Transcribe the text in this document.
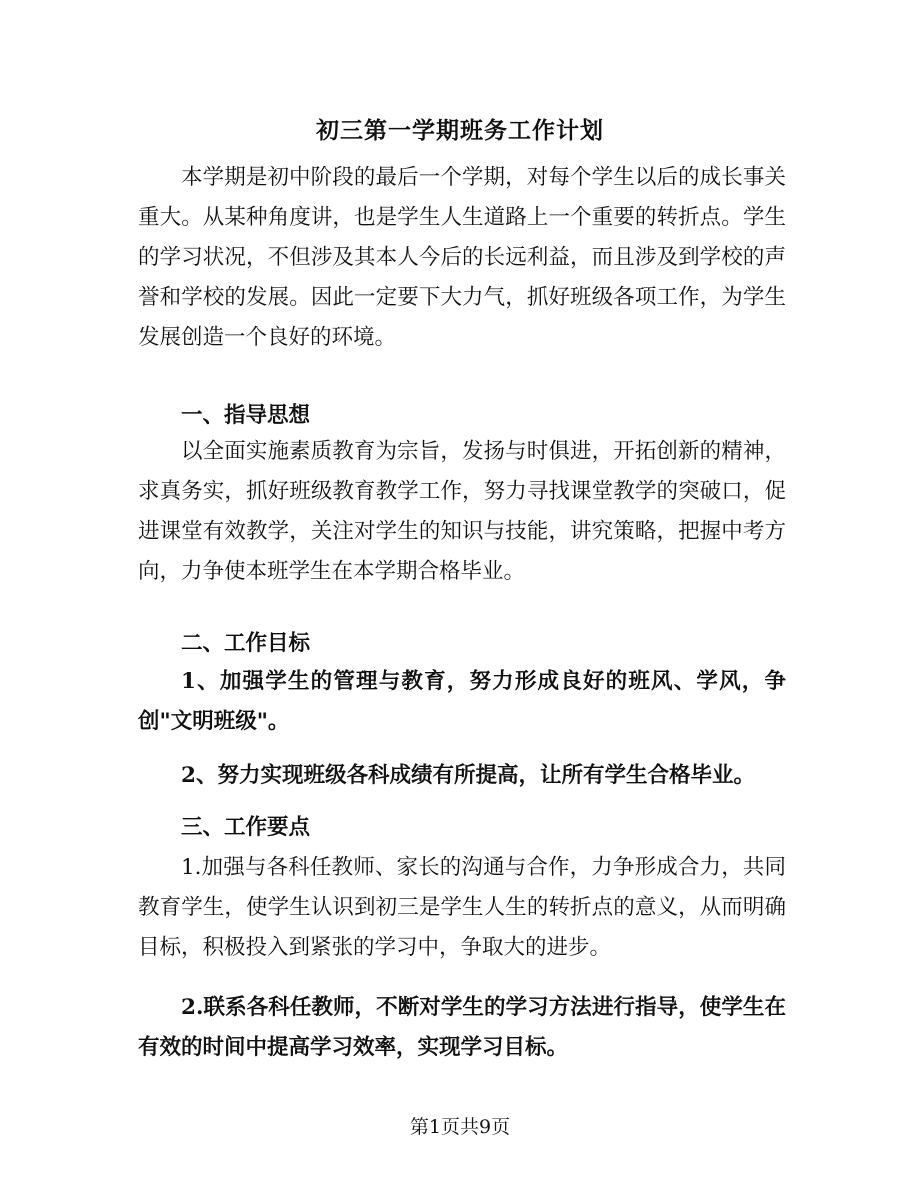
初三第一学期班务工作计划
本学期是初中阶段的最后一个学期，对每个学生以后的成长事关重大。从某种角度讲，也是学生人生道路上一个重要的转折点。学生的学习状况，不但涉及其本人今后的长远利益，而且涉及到学校的声誉和学校的发展。因此一定要下大力气，抓好班级各项工作，为学生发展创造一个良好的环境。
一、指导思想
以全面实施素质教育为宗旨，发扬与时俱进，开拓创新的精神，求真务实，抓好班级教育教学工作，努力寻找课堂教学的突破口，促进课堂有效教学，关注对学生的知识与技能，讲究策略，把握中考方向，力争使本班学生在本学期合格毕业。
二、工作目标
1、加强学生的管理与教育，努力形成良好的班风、学风，争创"文明班级"。
2、努力实现班级各科成绩有所提高，让所有学生合格毕业。
三、工作要点
1.加强与各科任教师、家长的沟通与合作，力争形成合力，共同教育学生，使学生认识到初三是学生人生的转折点的意义，从而明确目标，积极投入到紧张的学习中，争取大的进步。
2.联系各科任教师，不断对学生的学习方法进行指导，使学生在有效的时间中提高学习效率，实现学习目标。
第1页共9页
